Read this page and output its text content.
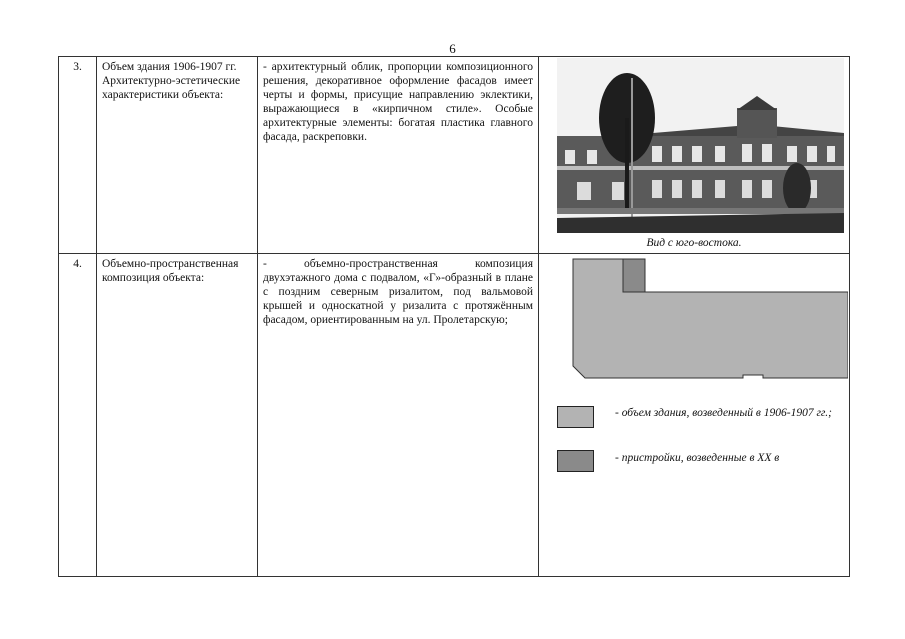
6
3.	Объем здания 1906-1907 гг. Архитектурно-эстетические характеристики объекта:	- архитектурный облик, пропорции композиционного решения, декоративное оформление фасадов имеет черты и формы, присущие направлению эклектики, выражающиеся в «кирпичном стиле». Особые архитектурные элементы: богатая пластика главного фасада, раскреповки.	Вид с юго-востока.

4.	Объемно-пространственная композиция объекта:	- объемно-пространственная композиция двухэтажного дома с подвалом, «Г»-образный в плане с поздним северным ризалитом, под вальмовой крышей и односкатной у ризалита с протяжённым фасадом, ориентированным на ул. Пролетарскую;	- объем здания, возведенный в 1906-1907 гг.;
- пристройки, возведенные в XX в
